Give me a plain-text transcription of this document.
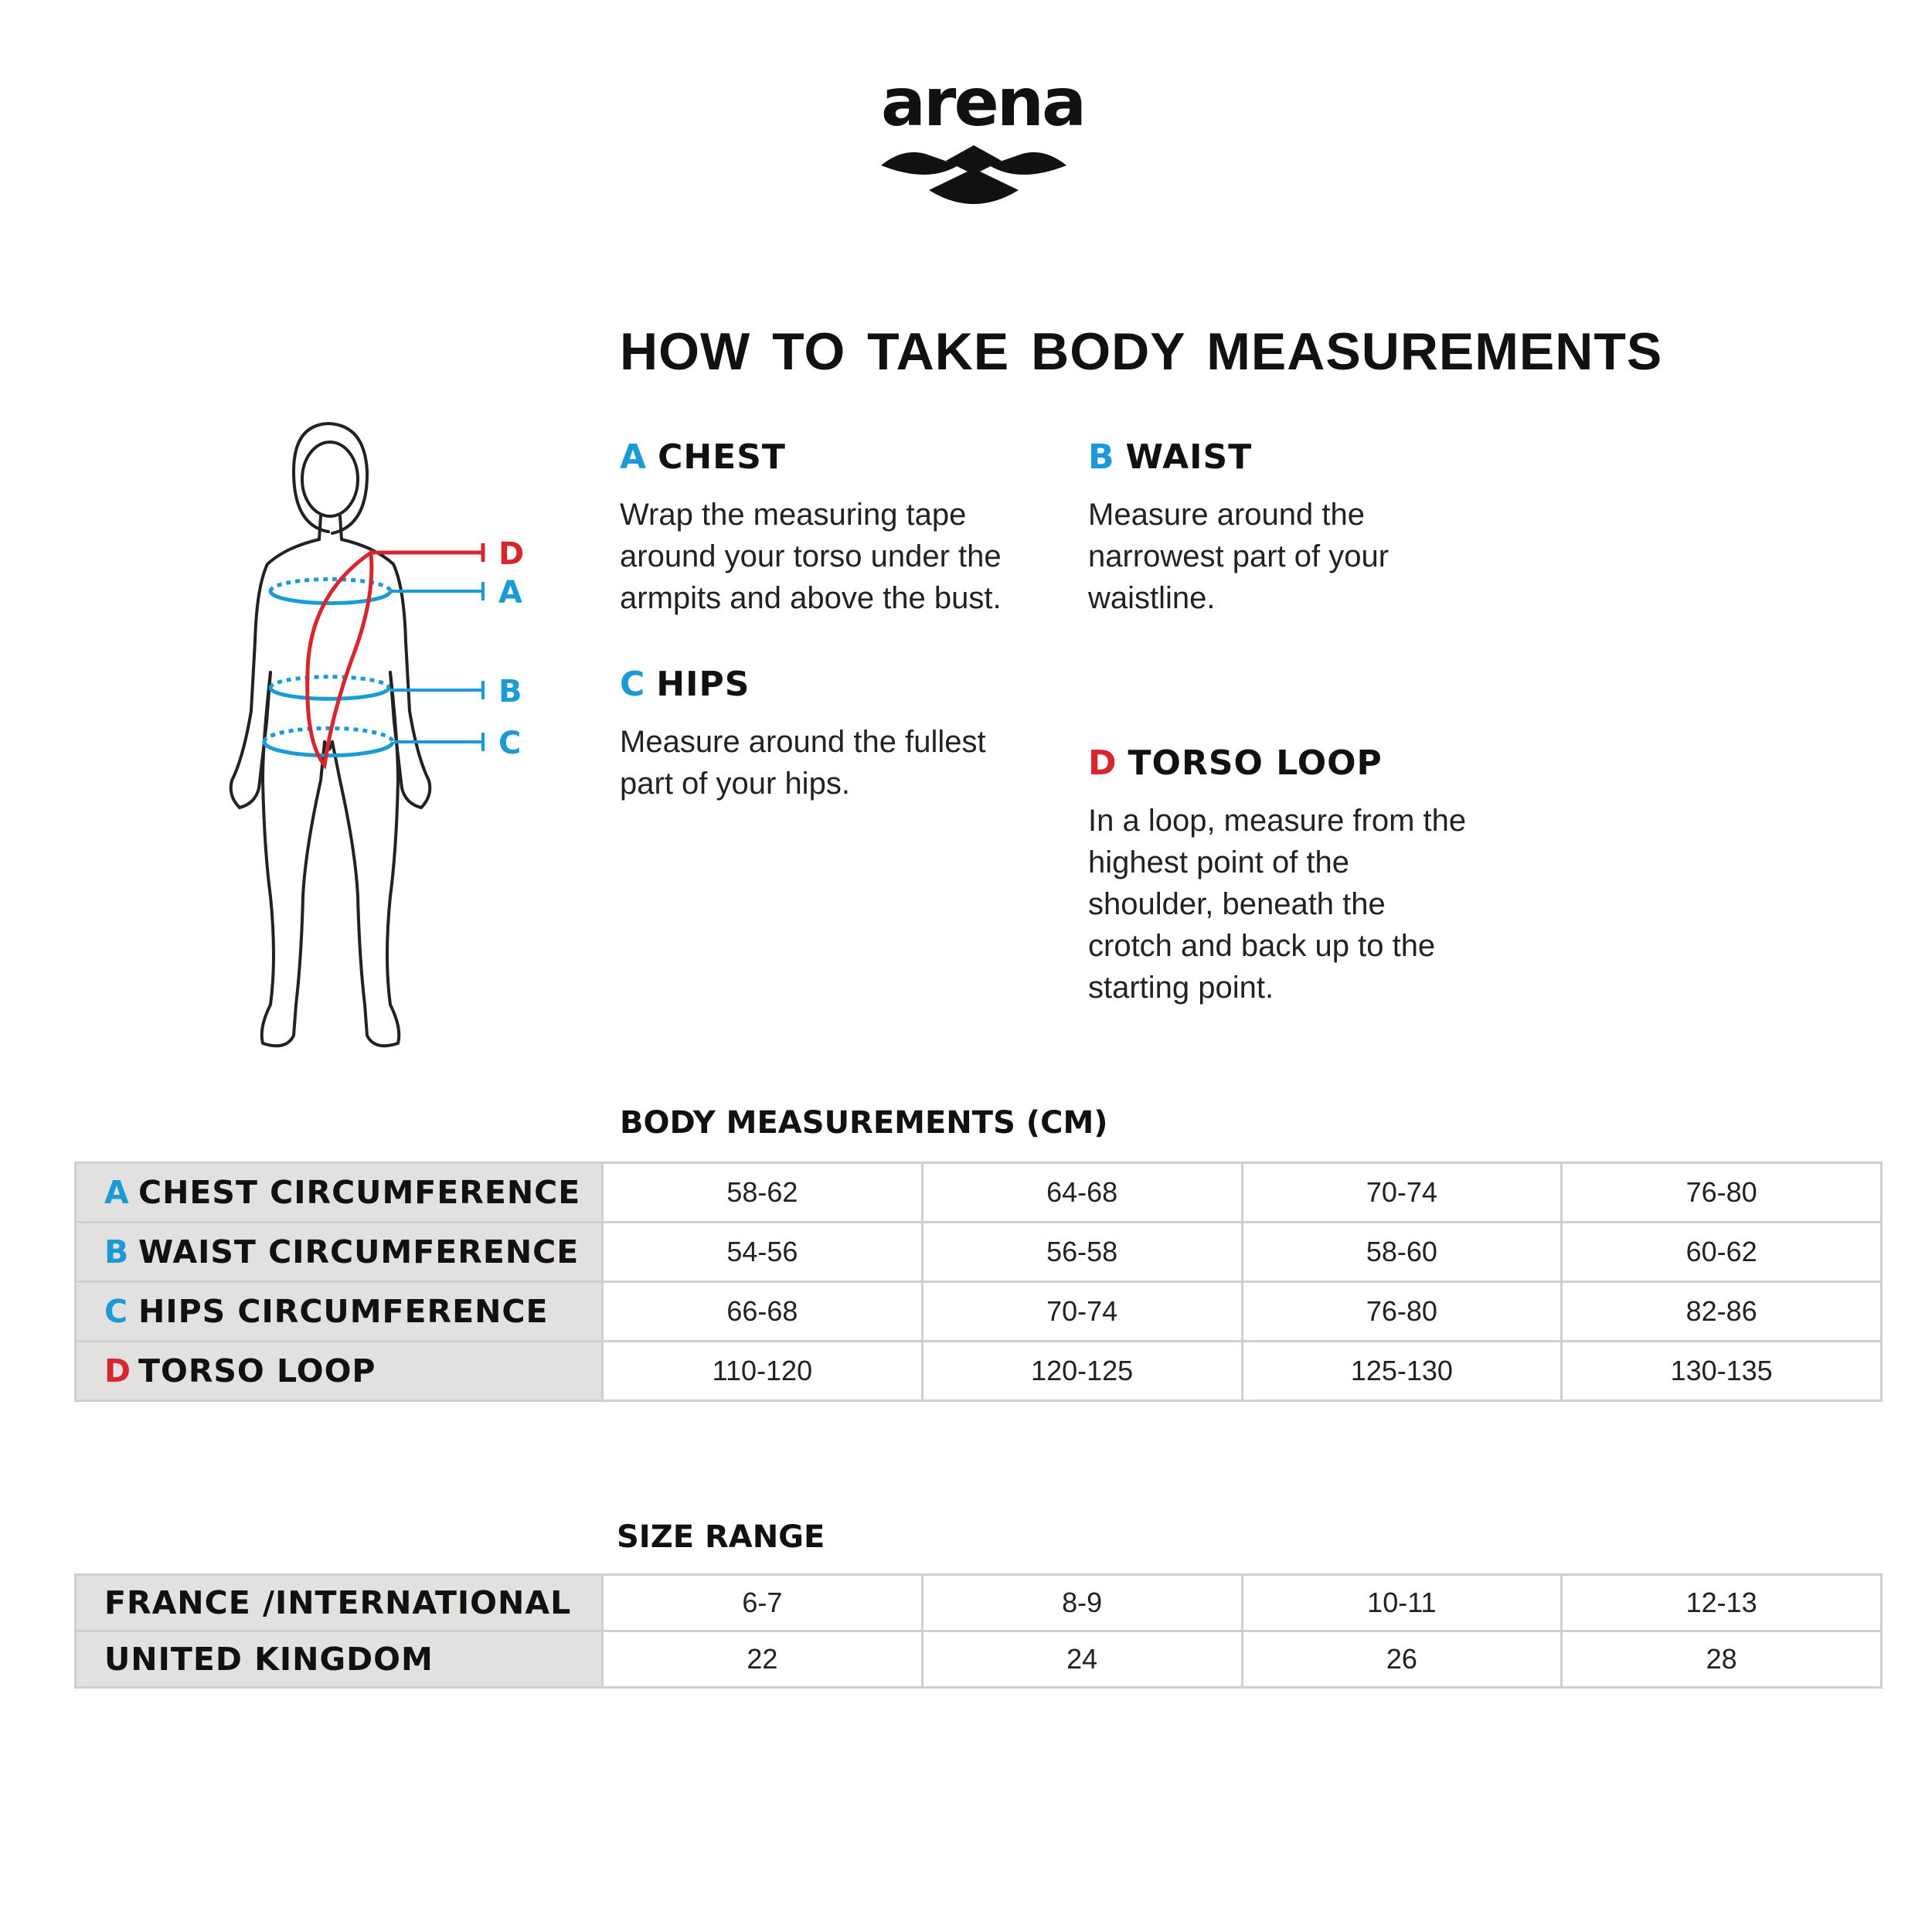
arena
HOW TO TAKE BODY MEASUREMENTS
D
A
B
C
A CHEST
Wrap the measuring tape
around your torso under the
armpits and above the bust.
B WAIST
Measure around the
narrowest part of your
waistline.
C HIPS
Measure around the fullest
part of your hips.
D TORSO LOOP
In a loop, measure from the
highest point of the
shoulder, beneath the
crotch and back up to the
starting point.
BODY MEASUREMENTS (CM)
A CHEST CIRCUMFERENCE	58-62	64-68	70-74	76-80
B WAIST CIRCUMFERENCE	54-56	56-58	58-60	60-62
C HIPS CIRCUMFERENCE	66-68	70-74	76-80	82-86
D TORSO LOOP	110-120	120-125	125-130	130-135
SIZE RANGE
FRANCE /INTERNATIONAL	6-7	8-9	10-11	12-13
UNITED KINGDOM	22	24	26	28
